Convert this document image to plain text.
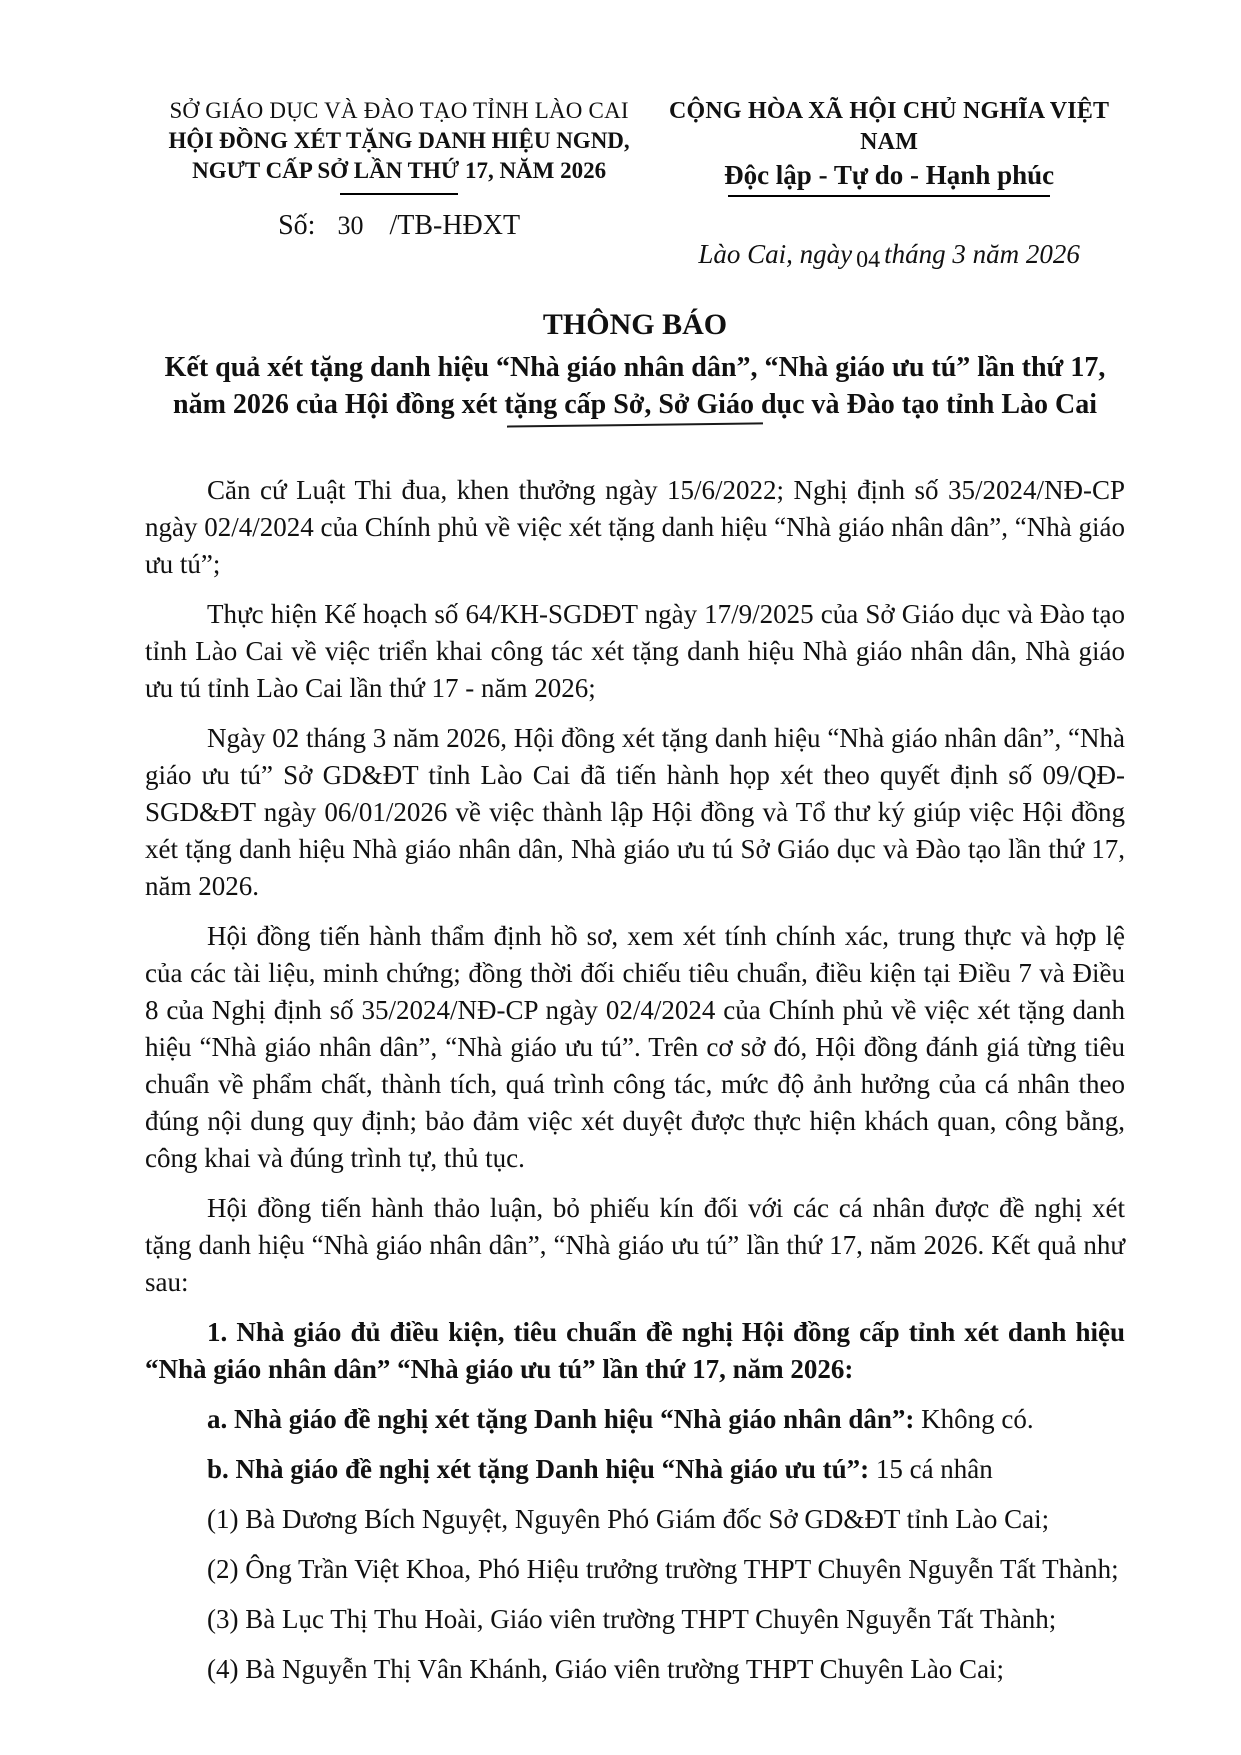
SỞ GIÁO DỤC VÀ ĐÀO TẠO TỈNH LÀO CAI
HỘI ĐỒNG XÉT TẶNG DANH HIỆU NGND,
NGƯT CẤP SỞ LẦN THỨ 17, NĂM 2026
Số: 30 /TB-HĐXT
CỘNG HÒA XÃ HỘI CHỦ NGHĨA VIỆT NAM
Độc lập - Tự do - Hạnh phúc
Lào Cai, ngày 04 tháng 3 năm 2026
THÔNG BÁO
Kết quả xét tặng danh hiệu “Nhà giáo nhân dân”, “Nhà giáo ưu tú” lần thứ 17,
năm 2026 của Hội đồng xét tặng cấp Sở, Sở Giáo dục và Đào tạo tỉnh Lào Cai

Căn cứ Luật Thi đua, khen thưởng ngày 15/6/2022; Nghị định số 35/2024/NĐ-CP ngày 02/4/2024 của Chính phủ về việc xét tặng danh hiệu “Nhà giáo nhân dân”, “Nhà giáo ưu tú”;

Thực hiện Kế hoạch số 64/KH-SGDĐT ngày 17/9/2025 của Sở Giáo dục và Đào tạo tỉnh Lào Cai về việc triển khai công tác xét tặng danh hiệu Nhà giáo nhân dân, Nhà giáo ưu tú tỉnh Lào Cai lần thứ 17 - năm 2026;

Ngày 02 tháng 3 năm 2026, Hội đồng xét tặng danh hiệu “Nhà giáo nhân dân”, “Nhà giáo ưu tú” Sở GD&ĐT tỉnh Lào Cai đã tiến hành họp xét theo quyết định số 09/QĐ-SGD&ĐT ngày 06/01/2026 về việc thành lập Hội đồng và Tổ thư ký giúp việc Hội đồng xét tặng danh hiệu Nhà giáo nhân dân, Nhà giáo ưu tú Sở Giáo dục và Đào tạo lần thứ 17, năm 2026.

Hội đồng tiến hành thẩm định hồ sơ, xem xét tính chính xác, trung thực và hợp lệ của các tài liệu, minh chứng; đồng thời đối chiếu tiêu chuẩn, điều kiện tại Điều 7 và Điều 8 của Nghị định số 35/2024/NĐ-CP ngày 02/4/2024 của Chính phủ về việc xét tặng danh hiệu “Nhà giáo nhân dân”, “Nhà giáo ưu tú”. Trên cơ sở đó, Hội đồng đánh giá từng tiêu chuẩn về phẩm chất, thành tích, quá trình công tác, mức độ ảnh hưởng của cá nhân theo đúng nội dung quy định; bảo đảm việc xét duyệt được thực hiện khách quan, công bằng, công khai và đúng trình tự, thủ tục.

Hội đồng tiến hành thảo luận, bỏ phiếu kín đối với các cá nhân được đề nghị xét tặng danh hiệu “Nhà giáo nhân dân”, “Nhà giáo ưu tú” lần thứ 17, năm 2026. Kết quả như sau:

1. Nhà giáo đủ điều kiện, tiêu chuẩn đề nghị Hội đồng cấp tỉnh xét danh hiệu “Nhà giáo nhân dân” “Nhà giáo ưu tú” lần thứ 17, năm 2026:

a. Nhà giáo đề nghị xét tặng Danh hiệu “Nhà giáo nhân dân”: Không có.

b. Nhà giáo đề nghị xét tặng Danh hiệu “Nhà giáo ưu tú”: 15 cá nhân

(1) Bà Dương Bích Nguyệt, Nguyên Phó Giám đốc Sở GD&ĐT tỉnh Lào Cai;

(2) Ông Trần Việt Khoa, Phó Hiệu trưởng trường THPT Chuyên Nguyễn Tất Thành;

(3) Bà Lục Thị Thu Hoài, Giáo viên trường THPT Chuyên Nguyễn Tất Thành;

(4) Bà Nguyễn Thị Vân Khánh, Giáo viên trường THPT Chuyên Lào Cai;
